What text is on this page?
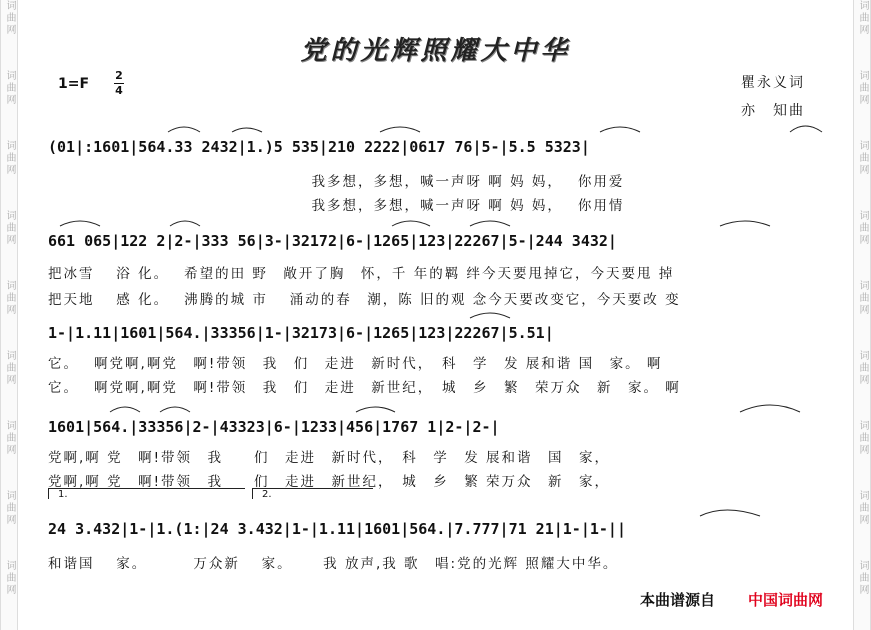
词曲网
词曲网
词曲网
词曲网
词曲网
词曲网
词曲网
词曲网
词曲网
词曲网
词曲网
词曲网
词曲网
词曲网
词曲网
词曲网
词曲网
词曲网
党的光辉照耀大中华
1=F
2
4	瞿永义词
亦　知曲
(01|:1601|564.33 2432|1.)5 535|210 2222|0617 76|5-|5.5 5323|
　　　　　　　　　　　　　　　　　我多想，多想，喊一声呀 啊 妈 妈，　 你用爱
　　　　　　　　　　　　　　　　　我多想，多想，喊一声呀 啊 妈 妈，　 你用情
661 065|122 2|2-|333 56|3-|32172|6-|1265|123|22267|5-|244 3432|
把冰雪　 浴 化。　 希望的田 野　敞开了胸　怀，千 年的羁 绊今天要甩掉它，今天要甩 掉
把天地　 感 化。　 沸腾的城 市　 涌动的春　潮，陈 旧的观 念今天要改变它，今天要改 变
1-|1.11|1601|564.|33356|1-|32173|6-|1265|123|22267|5.51|
它。　 啊党啊,啊党　啊!带领　我　们　走进　新时代，　科　学　发 展和谐 国　家。 啊
它。　 啊党啊,啊党　啊!带领　我　们　走进　新世纪，　城　乡　繁　荣万众　新　家。 啊
1601|564.|33356|2-|43323|6-|1233|456|1767 1|2-|2-|
党啊,啊 党　啊!带领　我　　们　走进　新时代，　科　学　发 展和谐　国　家，
党啊,啊 党　啊!带领　我　　们　走进　新世纪，　城　乡　繁 荣万众　新　家，
1.	2.
24 3.432|1-|1.(1:|24 3.432|1-|1.11|1601|564.|7.777|71 21|1-|1-||
和谐国　 家。　　　 万众新　 家。　　 我 放声,我 歌　唱:党的光辉 照耀大中华。
本曲谱源自 中国词曲网
